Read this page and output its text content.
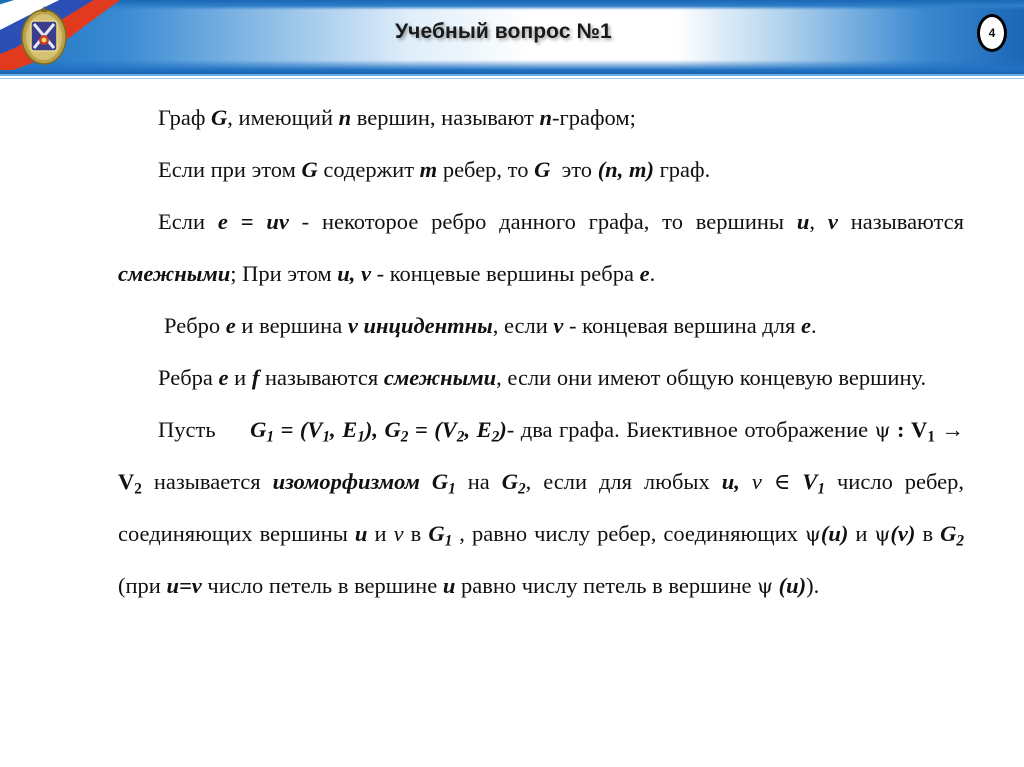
Учебный вопрос №1	4

Граф G, имеющий n вершин, называют n-графом;

Если при этом G содержит m ребер, то G  это (n, m) граф.

Если e = uv - некоторое ребро данного графа, то вершины u, v называются смежными; При этом u, v - концевые вершины ребра e.

Ребро e и вершина v инцидентны, если v - концевая вершина для e.

Ребра e и f называются смежными, если они имеют общую концевую вершину.

Пусть $G_1 = (V_1$, $E_1$), $G_2 = (V_2$, $E_2)-$ два графа. Биективное отображение ψ : $V_1 \to V_2$ называется изоморфизмом $G_1$ на $G_2$, если для любых u, v ∈ $V_1$ число ребер, соединяющих вершины u и v в $G_1$ , равно числу ребер, соединяющих ψ(u) и ψ(v) в $G_2$ (при u=v число петель в вершине u равно числу петель в вершине ψ (u)).
